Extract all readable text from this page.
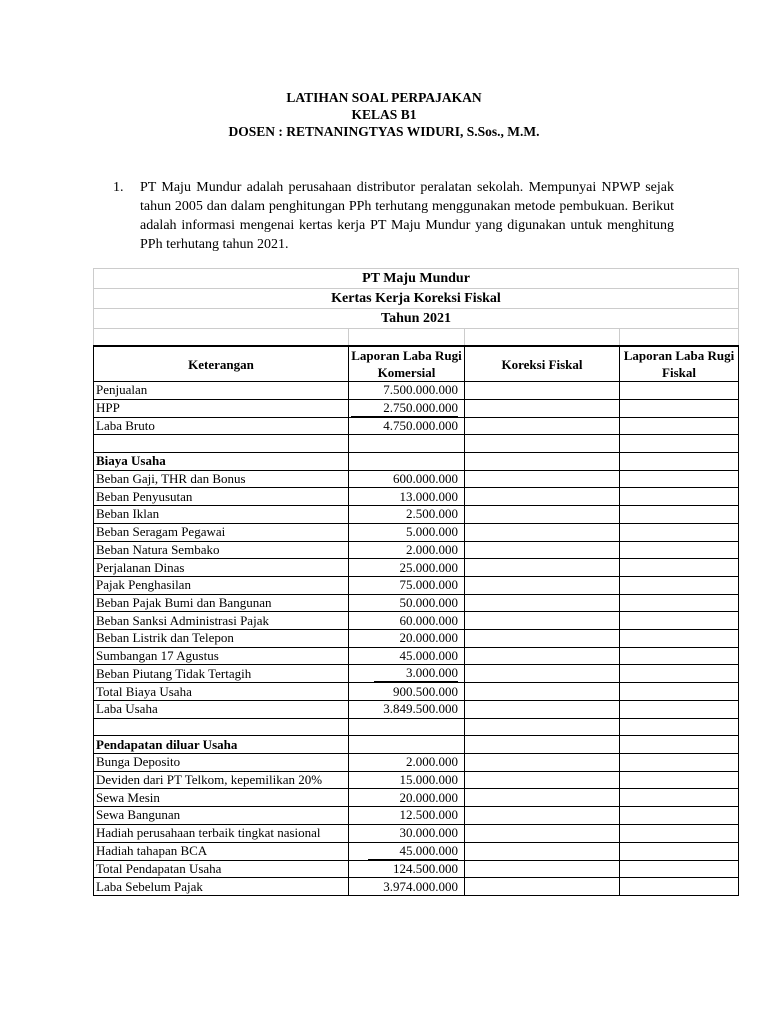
LATIHAN SOAL PERPAJAKAN
KELAS B1
DOSEN : RETNANINGTYAS WIDURI, S.Sos., M.M.
1. PT Maju Mundur adalah perusahaan distributor peralatan sekolah. Mempunyai NPWP sejak tahun 2005 dan dalam penghitungan PPh terhutang menggunakan metode pembukuan. Berikut adalah informasi mengenai kertas kerja PT Maju Mundur yang digunakan untuk menghitung PPh terhutang tahun 2021.
PT Maju Mundur			
Kertas Kerja Koreksi Fiskal			
Tahun 2021			

Keterangan	Laporan Laba Rugi Komersial	Koreksi Fiskal	Laporan Laba Rugi Fiskal
Penjualan	7.500.000.000		
HPP	2.750.000.000		
Laba Bruto	4.750.000.000		

Biaya Usaha			
Beban Gaji, THR dan Bonus	600.000.000		
Beban Penyusutan	13.000.000		
Beban Iklan	2.500.000		
Beban Seragam Pegawai	5.000.000		
Beban Natura Sembako	2.000.000		
Perjalanan Dinas	25.000.000		
Pajak Penghasilan	75.000.000		
Beban Pajak Bumi dan Bangunan	50.000.000		
Beban Sanksi Administrasi Pajak	60.000.000		
Beban Listrik dan Telepon	20.000.000		
Sumbangan 17 Agustus	45.000.000		
Beban Piutang Tidak Tertagih	3.000.000		
Total Biaya Usaha	900.500.000		
Laba Usaha	3.849.500.000		

Pendapatan diluar Usaha			
Bunga Deposito	2.000.000		
Deviden dari PT Telkom, kepemilikan 20%	15.000.000		
Sewa Mesin	20.000.000		
Sewa Bangunan	12.500.000		
Hadiah perusahaan terbaik tingkat nasional	30.000.000		
Hadiah tahapan BCA	45.000.000		
Total Pendapatan Usaha	124.500.000		
Laba Sebelum Pajak	3.974.000.000		
